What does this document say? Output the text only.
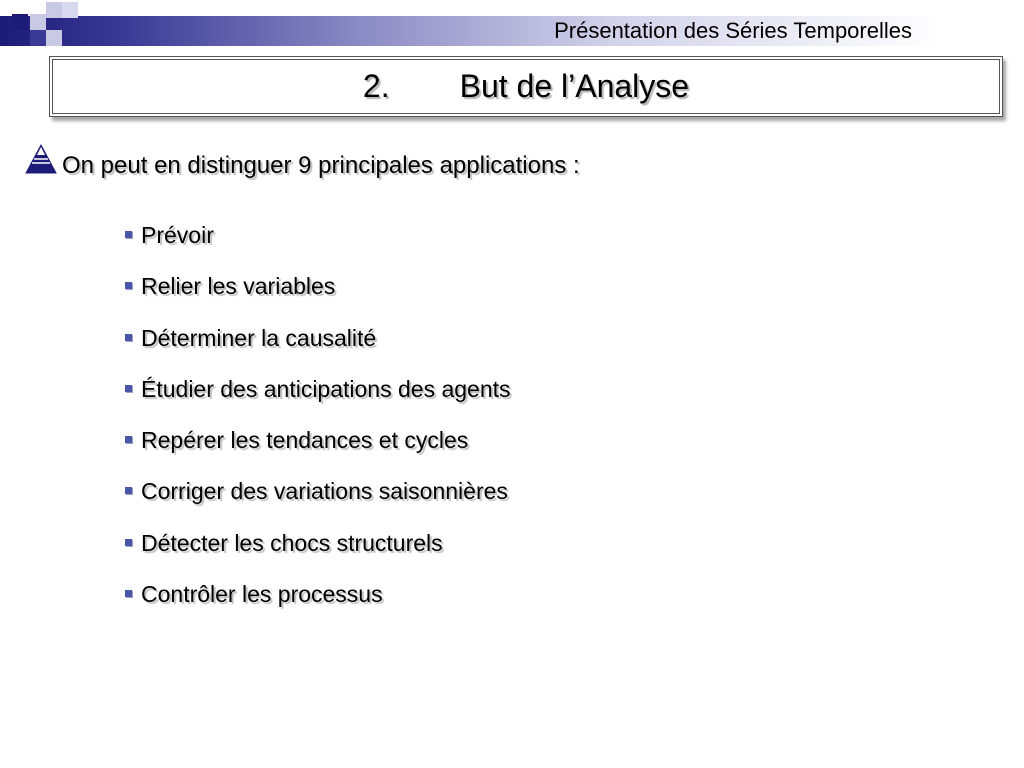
Présentation des Séries Temporelles
2. But de l’Analyse
On peut en distinguer 9 principales applications :
Prévoir
Relier les variables
Déterminer la causalité
Étudier des anticipations des agents
Repérer les tendances et cycles
Corriger des variations saisonnières
Détecter les chocs structurels
Contrôler les processus
